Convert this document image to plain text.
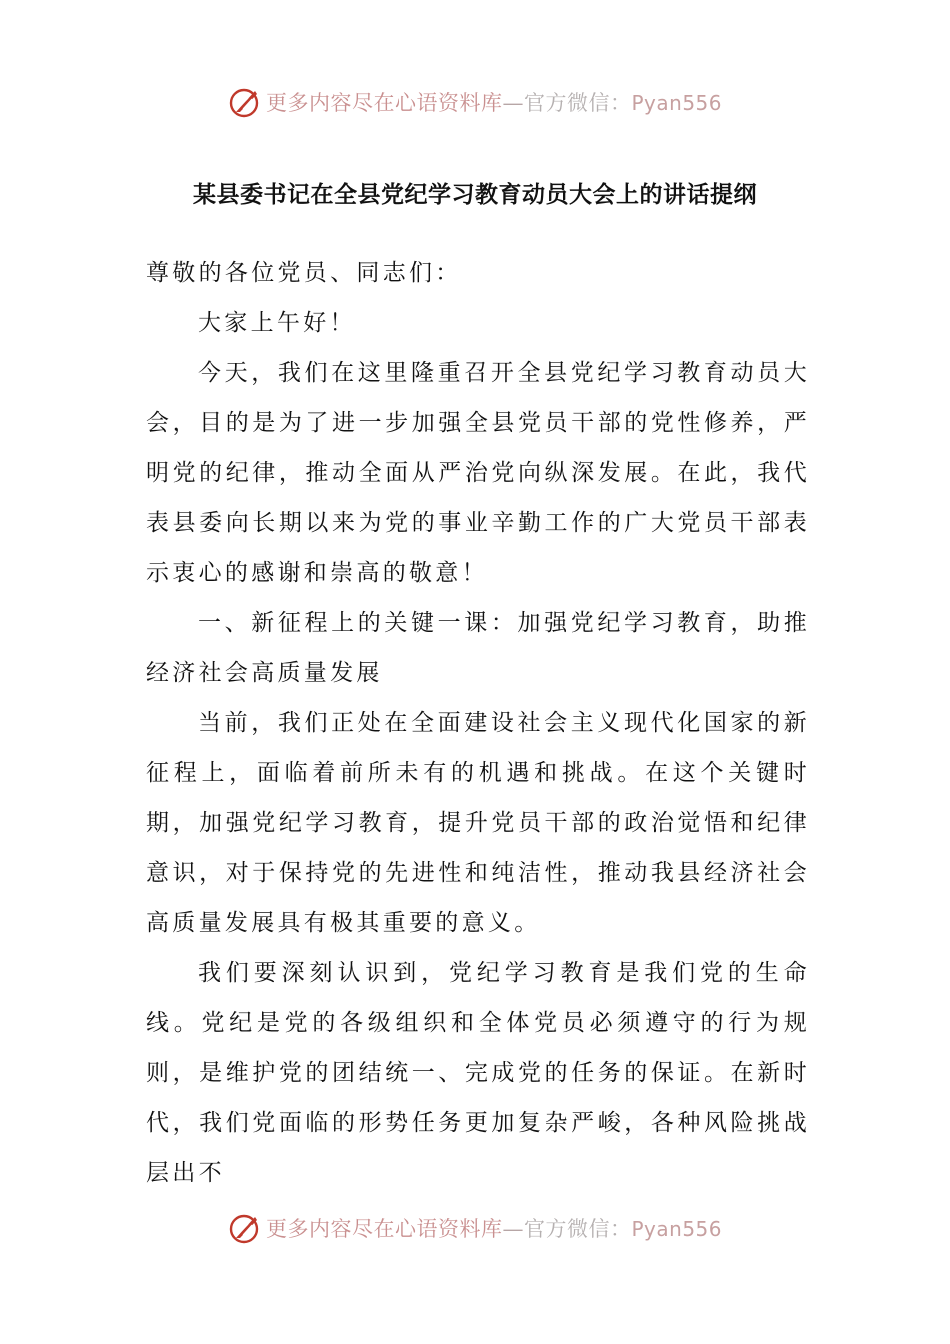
更多内容尽在心语资料库—官方微信：Pyan556
某县委书记在全县党纪学习教育动员大会上的讲话提纲

尊敬的各位党员、同志们：

大家上午好！

今天，我们在这里隆重召开全县党纪学习教育动员大会，目的是为了进一步加强全县党员干部的党性修养，严明党的纪律，推动全面从严治党向纵深发展。在此，我代表县委向长期以来为党的事业辛勤工作的广大党员干部表示衷心的感谢和崇高的敬意！

一、新征程上的关键一课：加强党纪学习教育，助推经济社会高质量发展

当前，我们正处在全面建设社会主义现代化国家的新征程上，面临着前所未有的机遇和挑战。在这个关键时期，加强党纪学习教育，提升党员干部的政治觉悟和纪律意识，对于保持党的先进性和纯洁性，推动我县经济社会高质量发展具有极其重要的意义。

我们要深刻认识到，党纪学习教育是我们党的生命线。党纪是党的各级组织和全体党员必须遵守的行为规则，是维护党的团结统一、完成党的任务的保证。在新时代，我们党面临的形势任务更加复杂严峻，各种风险挑战层出不

更多内容尽在心语资料库—官方微信：Pyan556
